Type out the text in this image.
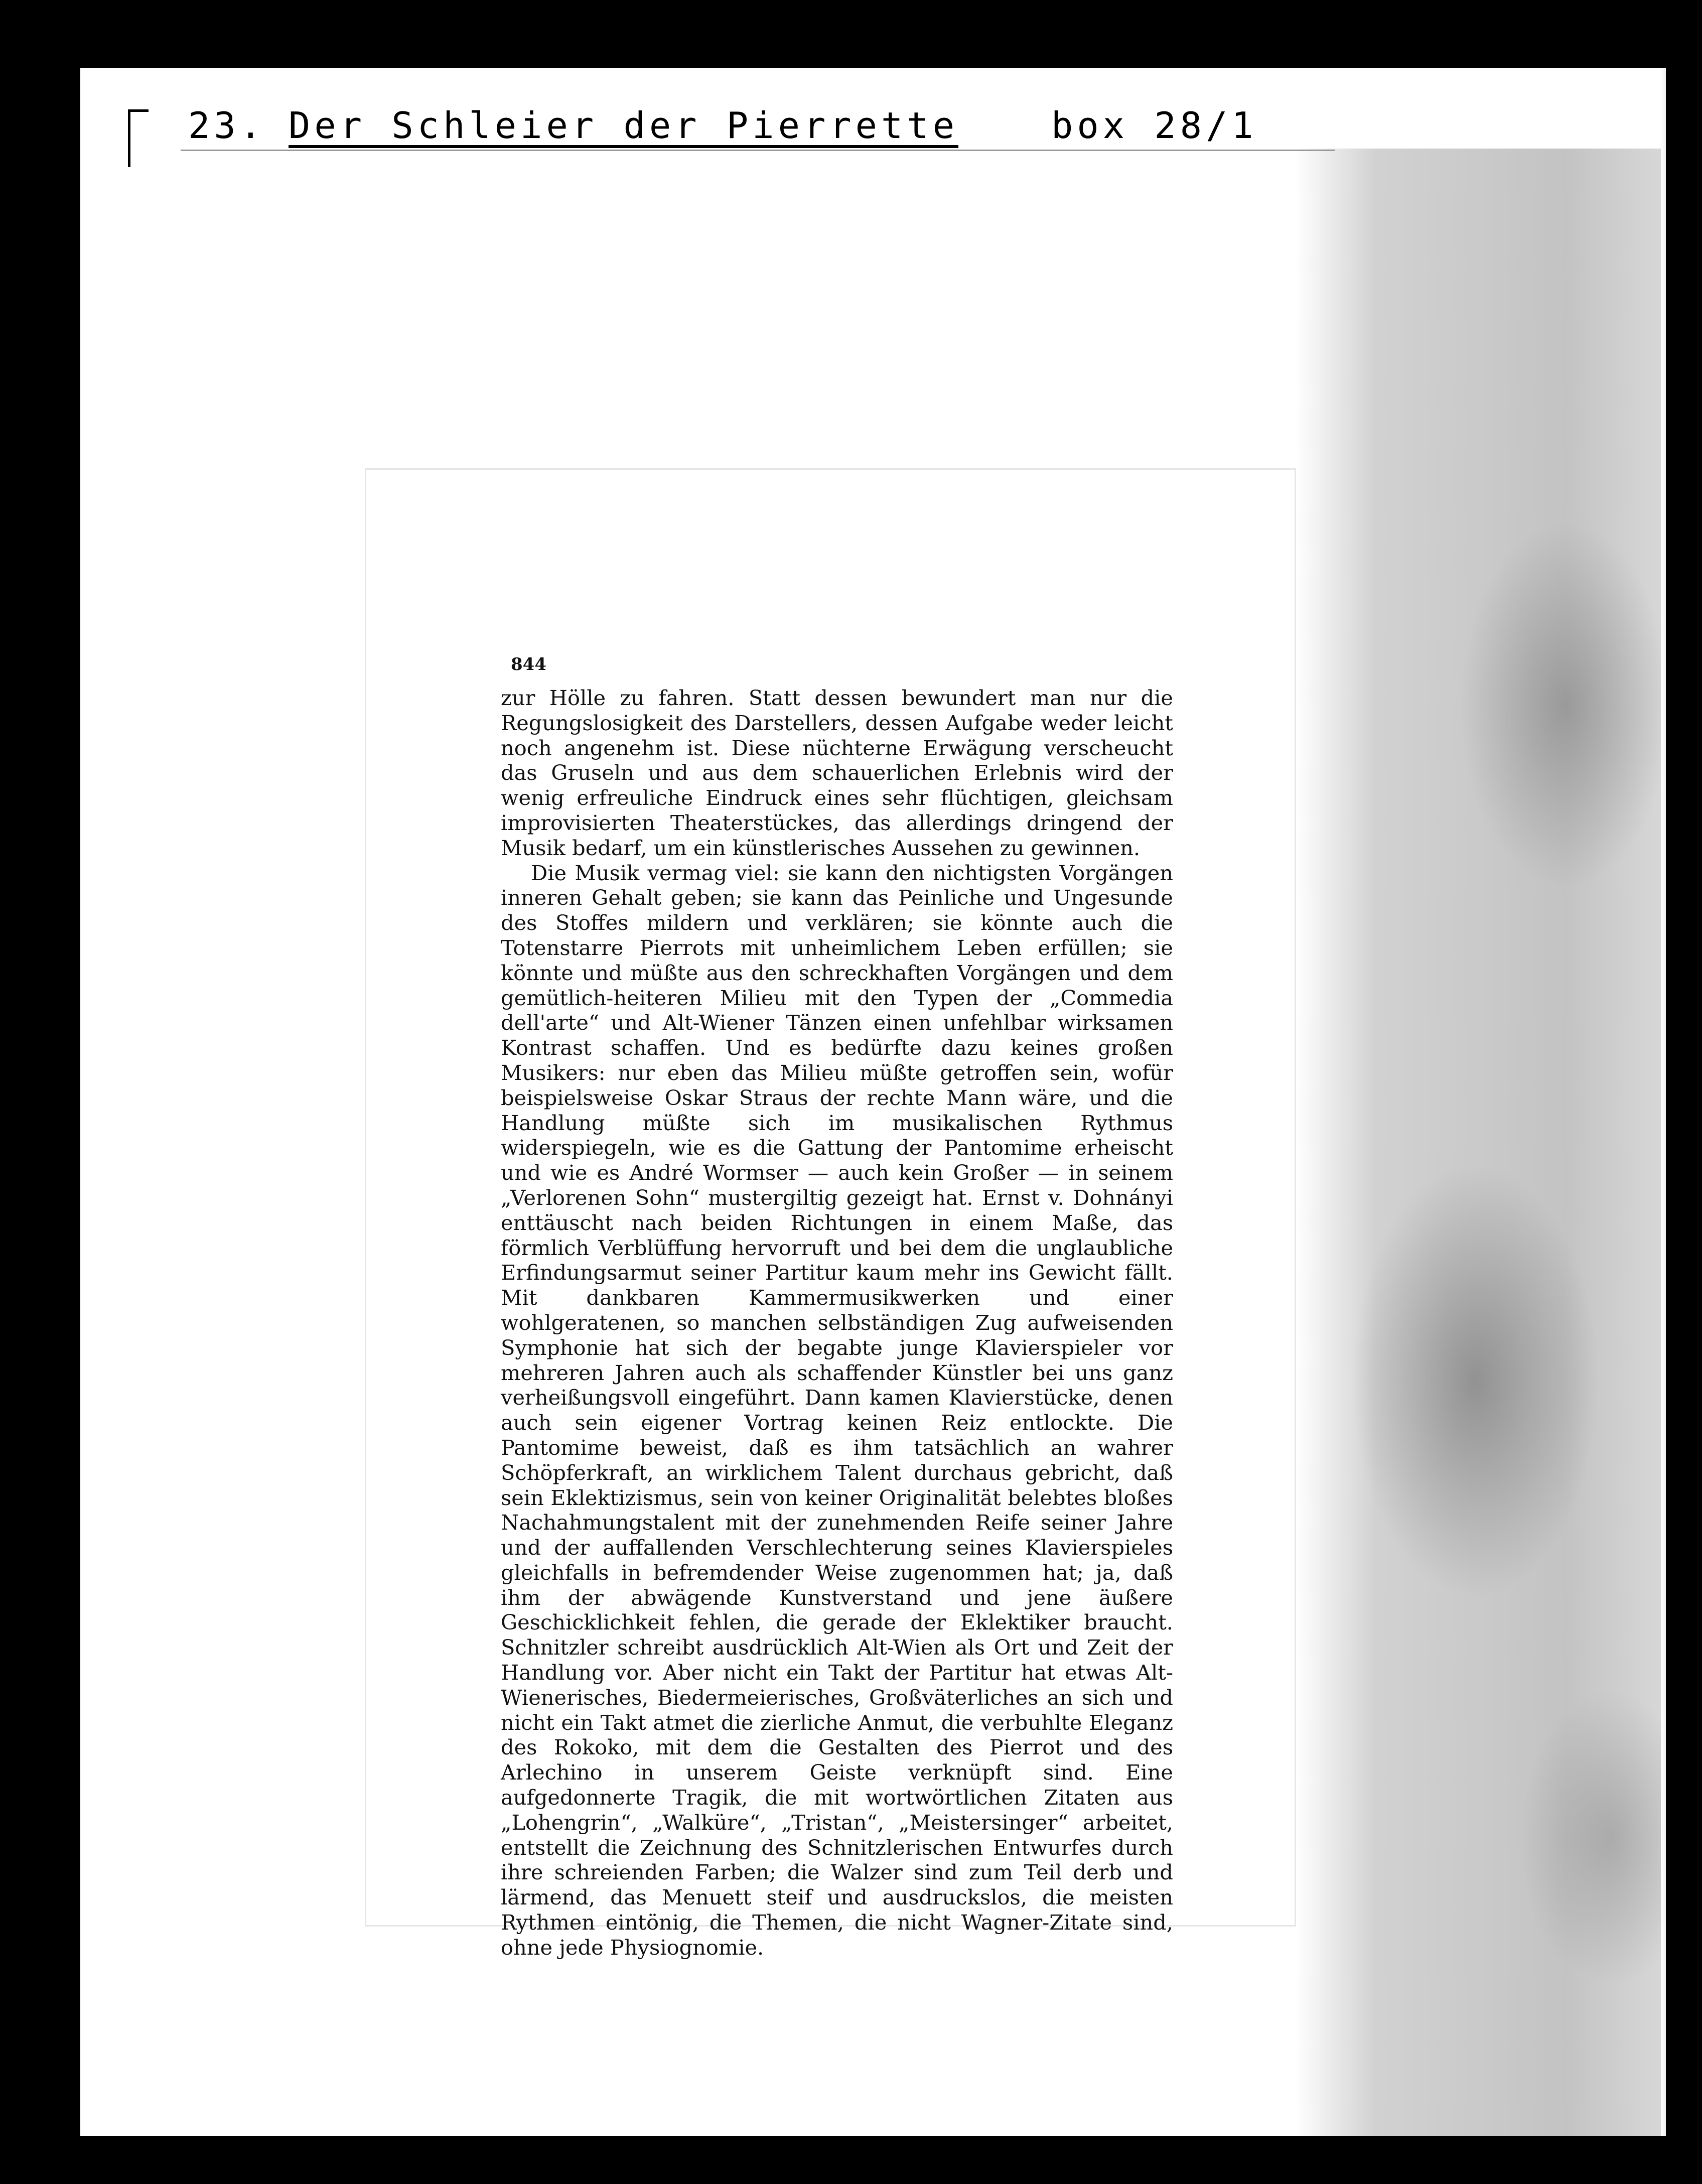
23. Der Schleier der Pierrette	box 28/1
844

zur Hölle zu fahren. Statt dessen bewundert man nur die Regungslosigkeit des Darstellers, dessen Aufgabe weder leicht noch angenehm ist. Diese nüchterne Erwägung verscheucht das Gruseln und aus dem schauerlichen Erlebnis wird der wenig erfreuliche Eindruck eines sehr flüchtigen, gleichsam improvisierten Theaterstückes, das allerdings dringend der Musik bedarf, um ein künstlerisches Aussehen zu gewinnen.

Die Musik vermag viel: sie kann den nichtigsten Vorgängen inneren Gehalt geben; sie kann das Peinliche und Ungesunde des Stoffes mildern und verklären; sie könnte auch die Totenstarre Pierrots mit unheimlichem Leben erfüllen; sie könnte und müßte aus den schreckhaften Vorgängen und dem gemütlich-heiteren Milieu mit den Typen der „Commedia dell'arte“ und Alt-Wiener Tänzen einen unfehlbar wirksamen Kontrast schaffen. Und es bedürfte dazu keines großen Musikers: nur eben das Milieu müßte getroffen sein, wofür beispielsweise Oskar Straus der rechte Mann wäre, und die Handlung müßte sich im musikalischen Rythmus widerspiegeln, wie es die Gattung der Pantomime erheischt und wie es André Wormser — auch kein Großer — in seinem „Verlorenen Sohn“ mustergiltig gezeigt hat. Ernst v. Dohnányi enttäuscht nach beiden Richtungen in einem Maße, das förmlich Verblüffung hervorruft und bei dem die unglaubliche Erfindungsarmut seiner Partitur kaum mehr ins Gewicht fällt. Mit dankbaren Kammermusikwerken und einer wohlgeratenen, so manchen selbständigen Zug aufweisenden Symphonie hat sich der begabte junge Klavierspieler vor mehreren Jahren auch als schaffender Künstler bei uns ganz verheißungsvoll eingeführt. Dann kamen Klavierstücke, denen auch sein eigener Vortrag keinen Reiz entlockte. Die Pantomime beweist, daß es ihm tatsächlich an wahrer Schöpferkraft, an wirklichem Talent durchaus gebricht, daß sein Eklektizismus, sein von keiner Originalität belebtes bloßes Nachahmungstalent mit der zunehmenden Reife seiner Jahre und der auffallenden Verschlechterung seines Klavierspieles gleichfalls in befremdender Weise zugenommen hat; ja, daß ihm der abwägende Kunstverstand und jene äußere Geschicklichkeit fehlen, die gerade der Eklektiker braucht. Schnitzler schreibt ausdrücklich Alt-Wien als Ort und Zeit der Handlung vor. Aber nicht ein Takt der Partitur hat etwas Alt-Wienerisches, Biedermeierisches, Großväterliches an sich und nicht ein Takt atmet die zierliche Anmut, die verbuhlte Eleganz des Rokoko, mit dem die Gestalten des Pierrot und des Arlechino in unserem Geiste verknüpft sind. Eine aufgedonnerte Tragik, die mit wortwörtlichen Zitaten aus „Lohengrin“, „Walküre“, „Tristan“, „Meistersinger“ arbeitet, entstellt die Zeichnung des Schnitzlerischen Entwurfes durch ihre schreienden Farben; die Walzer sind zum Teil derb und lärmend, das Menuett steif und ausdruckslos, die meisten Rythmen eintönig, die Themen, die nicht Wagner-Zitate sind, ohne jede Physiognomie.
